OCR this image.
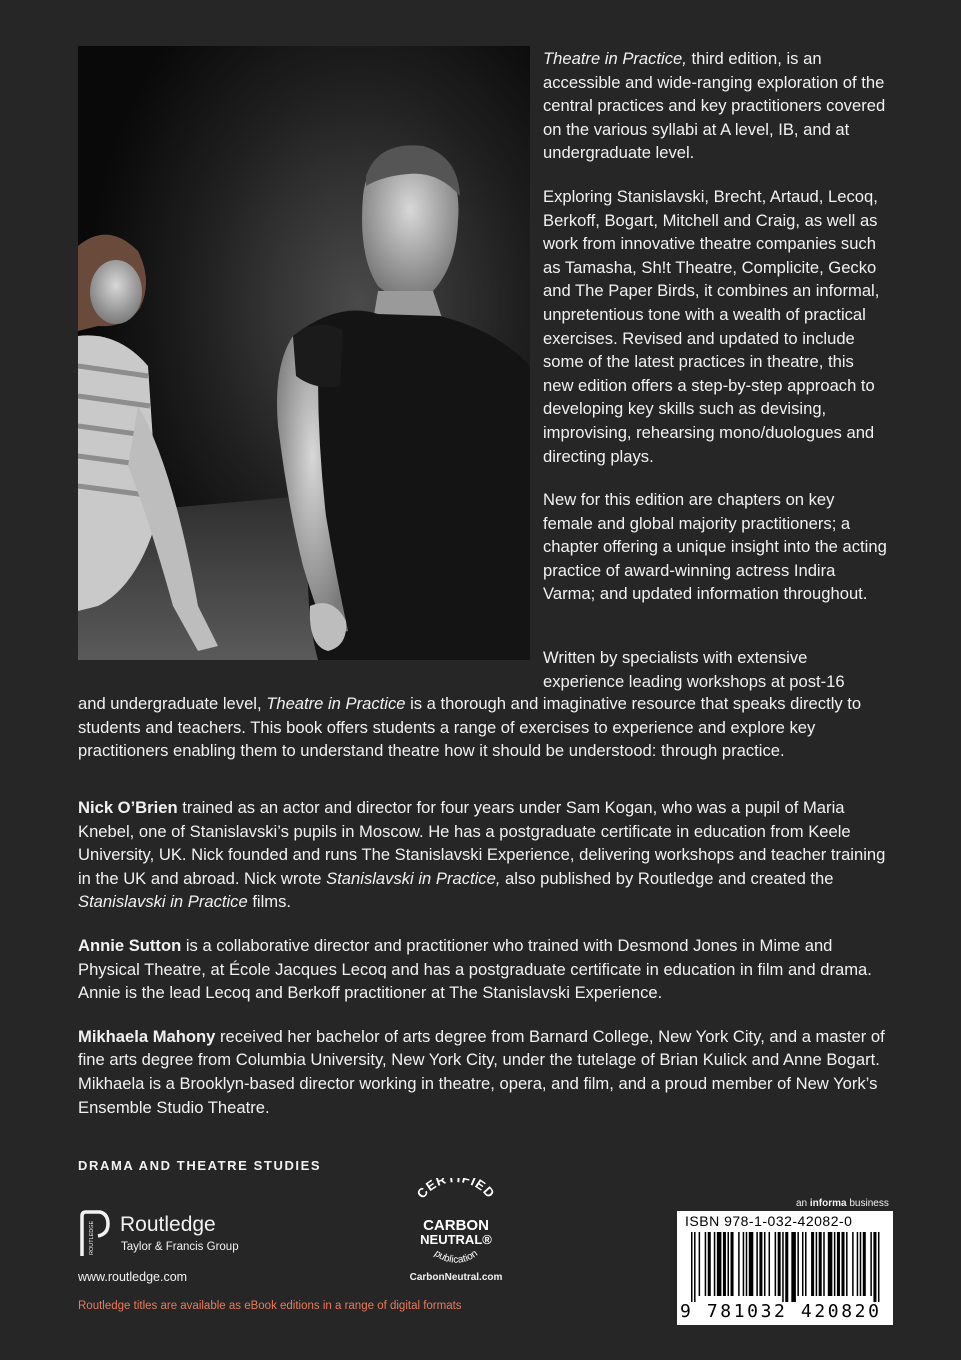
Theatre in Practice, third edition, is an accessible and wide-ranging exploration of the central practices and key practitioners covered on the various syllabi at A level, IB, and at undergraduate level.

Exploring Stanislavski, Brecht, Artaud, Lecoq, Berkoff, Bogart, Mitchell and Craig, as well as work from innovative theatre companies such as Tamasha, Sh!t Theatre, Complicite, Gecko and The Paper Birds, it combines an informal, unpretentious tone with a wealth of practical exercises. Revised and updated to include some of the latest practices in theatre, this new edition offers a step-by-step approach to developing key skills such as devising, improvising, rehearsing mono/duologues and directing plays.

New for this edition are chapters on key female and global majority practitioners; a chapter offering a unique insight into the acting practice of award-winning actress Indira Varma; and updated information throughout.

Written by specialists with extensive experience leading workshops at post-16
and undergraduate level, Theatre in Practice is a thorough and imaginative resource that speaks directly to students and teachers. This book offers students a range of exercises to experience and explore key practitioners enabling them to understand theatre how it should be understood: through practice.

Nick O’Brien trained as an actor and director for four years under Sam Kogan, who was a pupil of Maria Knebel, one of Stanislavski’s pupils in Moscow. He has a postgraduate certificate in education from Keele University, UK. Nick founded and runs The Stanislavski Experience, delivering workshops and teacher training in the UK and abroad. Nick wrote Stanislavski in Practice, also published by Routledge and created the Stanislavski in Practice films.

Annie Sutton is a collaborative director and practitioner who trained with Desmond Jones in Mime and Physical Theatre, at École Jacques Lecoq and has a postgraduate certificate in education in film and drama. Annie is the lead Lecoq and Berkoff practitioner at The Stanislavski Experience.

Mikhaela Mahony received her bachelor of arts degree from Barnard College, New York City, and a master of fine arts degree from Columbia University, New York City, under the tutelage of Brian Kulick and Anne Bogart. Mikhaela is a Brooklyn-based director working in theatre, opera, and film, and a proud member of New York’s Ensemble Studio Theatre.

DRAMA AND THEATRE STUDIES
ROUTLEDGE Routledge
Taylor & Francis Group
www.routledge.com
Routledge titles are available as eBook editions in a range of digital formats
CER FIED
CARBON
NEUTRAL®
publication
CarbonNeutral.com
an informa business
ISBN 978-1-032-42082-0
9 781032 420820
